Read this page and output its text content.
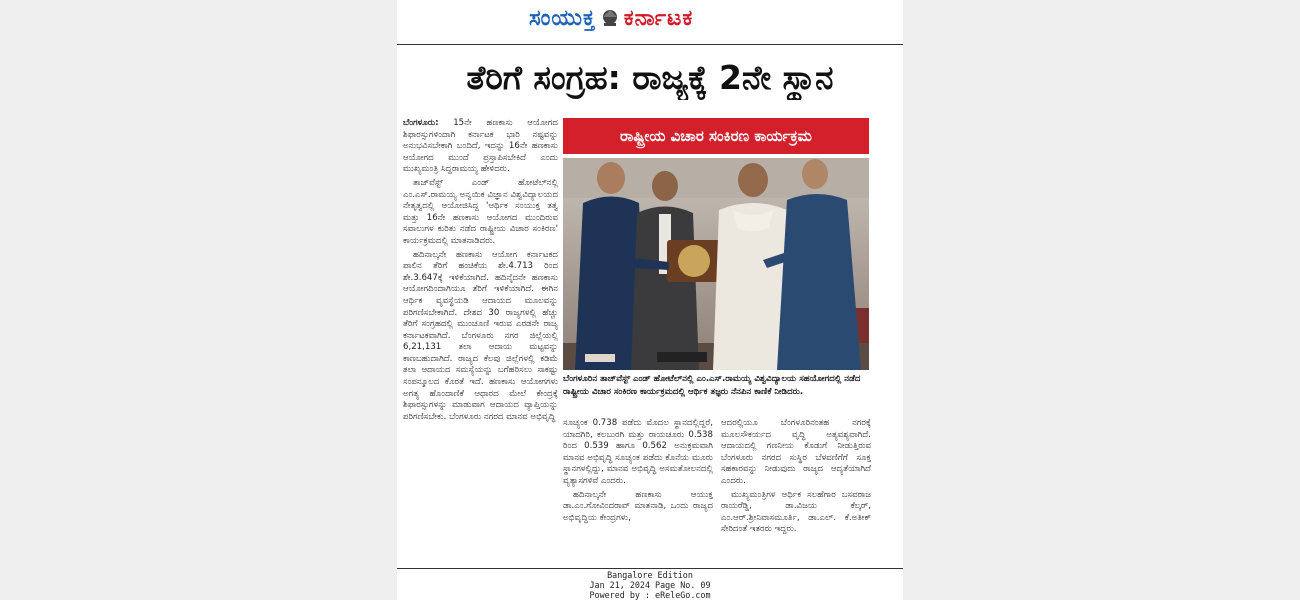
ಸಂಯುಕ್ತ ಕರ್ನಾಟಕ
ತೆರಿಗೆ ಸಂಗ್ರಹ: ರಾಜ್ಯಕ್ಕೆ 2ನೇ ಸ್ಥಾನ

ಬೆಂಗಳೂರು: 15ನೇ ಹಣಕಾಸು ಆಯೋಗದ ಶಿಫಾರಸ್ಸುಗಳಿಂದಾಗಿ ಕರ್ನಾಟಕ ಭಾರಿ ನಷ್ಟವನ್ನು ಅನುಭವಿಸಬೇಕಾಗಿ ಬಂದಿದೆ, ಇದನ್ನು 16ನೇ ಹಣಕಾಸು ಆಯೋಗದ ಮುಂದೆ ಪ್ರಸ್ತಾಪಿಸಬೇಕಿದೆ ಎಂದು ಮುಖ್ಯಮಂತ್ರಿ ಸಿದ್ದರಾಮಯ್ಯ ಹೇಳಿದರು.

ತಾಜ್‌ವೆಸ್ಟ್ ಎಂಡ್ ಹೋಟೆಲ್‌ನಲ್ಲಿ ಎಂ.ಎಸ್.ರಾಮಯ್ಯ ಅನ್ವಯಿಕ ವಿಜ್ಞಾನ ವಿಶ್ವವಿದ್ಯಾಲಯದ ನೇತೃತ್ವದಲ್ಲಿ ಆಯೋಜಿಸಿದ್ದ 'ಆರ್ಥಿಕ ಸಂಯುಕ್ತ ತತ್ವ ಮತ್ತು 16ನೇ ಹಣಕಾಸು ಆಯೋಗದ ಮುಂದಿರುವ ಸವಾಲುಗಳ ಕುರಿತು ನಡೆದ ರಾಷ್ಟ್ರೀಯ ವಿಚಾರ ಸಂಕಿರಣ' ಕಾರ್ಯಕ್ರಮದಲ್ಲಿ ಮಾತನಾಡಿದರು.

ಹದಿನಾಲ್ಕನೇ ಹಣಕಾಸು ಆಯೋಗ ಕರ್ನಾಟಕದ ಪಾಲಿನ ತೆರಿಗೆ ಹಂಚಿಕೆಯ ಶೇ.4.713 ರಿಂದ ಶೇ.3.647ಕ್ಕೆ ಇಳಿಕೆಯಾಗಿದೆ. ಹದಿನೈದನೇ ಹಣಕಾಸು ಆಯೋಗದಿಂದಾಗಿಯೂ ತೆರಿಗೆ ಇಳಿಕೆಯಾಗಿದೆ. ಈಗಿನ ಆರ್ಥಿಕ ವ್ಯವಸ್ಥೆಯಡಿ ಆದಾಯದ ಮೂಲವನ್ನು ಪರಿಗಣಿಸಬೇಕಾಗಿದೆ. ದೇಶದ 30 ರಾಜ್ಯಗಳಲ್ಲಿ ಹೆಚ್ಚು ತೆರಿಗೆ ಸಂಗ್ರಹದಲ್ಲಿ ಮುಂಚೂಣಿ ಇರುವ ಎರಡನೇ ರಾಜ್ಯ ಕರ್ನಾಟಕವಾಗಿದೆ. ಬೆಂಗಳೂರು ನಗರ ಜಿಲ್ಲೆಯಲ್ಲಿ 6,21,131 ತಲಾ ಆದಾಯ ಮಟ್ಟವನ್ನು ಕಾಣಬಹುದಾಗಿದೆ. ರಾಜ್ಯದ ಕೆಲವು ಜಿಲ್ಲೆಗಳಲ್ಲಿ ಕಡಿಮೆ ತಲಾ ಆದಾಯದ ಸಮಸ್ಯೆಯನ್ನು ಬಗೆಹರಿಸಲು ಸಾಕಷ್ಟು ಸಂಪನ್ಮೂಲದ ಕೊರತೆ ಇದೆ. ಹಣಕಾಸು ಆಯೋಗಗಳು ಅಗತ್ಯ ಹೊಂದಾಣಿಕೆ ಆಧಾರದ ಮೇಲೆ ಕೇಂದ್ರಕ್ಕೆ ಶಿಫಾರಸ್ಸುಗಳನ್ನು ಮಾಡುವಾಗ ಆದಾಯದ ವ್ಯಾಪ್ತಿಯನ್ನು ಪರಿಗಣಿಸಬೇಕು. ಬೆಂಗಳೂರು ನಗರದ ಮಾನವ ಅಭಿವೃದ್ಧಿ

ರಾಷ್ಟ್ರೀಯ ವಿಚಾರ ಸಂಕಿರಣ ಕಾರ್ಯಕ್ರಮ
ಬೆಂಗಳೂರಿನ ತಾಜ್‌ವೆಸ್ಟ್ ಎಂಡ್ ಹೋಟೆಲ್‌ನಲ್ಲಿ ಎಂ.ಎಸ್.ರಾಮಯ್ಯ ವಿಶ್ವವಿದ್ಯಾಲಯ ಸಹಯೋಗದಲ್ಲಿ ನಡೆದ ರಾಷ್ಟ್ರೀಯ ವಿಚಾರ ಸಂಕಿರಣ ಕಾರ್ಯಕ್ರಮದಲ್ಲಿ ಆರ್ಥಿಕ ತಜ್ಞರು ನೆನಪಿನ ಕಾಣಿಕೆ ನೀಡಿದರು.

ಸೂಚ್ಯಂಕ 0.738 ಪಡೆದು ಮೊದಲ ಸ್ಥಾನದಲ್ಲಿದ್ದರೆ, ಯಾದಗಿರಿ, ಕಲಬುರಗಿ ಮತ್ತು ರಾಯಚೂರು 0.538 ರಿಂದ 0.539 ಹಾಗೂ 0.562 ಅನುಕ್ರಮವಾಗಿ ಮಾನವ ಅಭಿವೃದ್ಧಿ ಸೂಚ್ಯಂಕ ಪಡೆದು ಕೊನೆಯ ಮೂರು ಸ್ಥಾನಗಳಲ್ಲಿದ್ದು, ಮಾನವ ಅಭಿವೃದ್ಧಿ ಅಸಮತೋಲನದಲ್ಲಿ ವ್ಯತ್ಯಾಸಗಳಿವೆ ಎಂದರು.

ಹದಿನಾಲ್ಕನೇ ಹಣಕಾಸು ಆಯುಕ್ತ ಡಾ.ಎಂ.ಗೋವಿಂದರಾವ್ ಮಾತನಾಡಿ, ಒಂದು ರಾಜ್ಯದ ಅಭಿವೃದ್ಧಿಯ ಕೇಂದ್ರಗಳು,

ಆದರಲ್ಲಿಯೂ ಬೆಂಗಳೂರಿನಂತಹ ನಗರಕ್ಕೆ ಮೂಲಸೌಕರ್ಯದ ವೃದ್ಧಿ ಅತ್ಯವಶ್ಯವಾಗಿದೆ. ಆದಾಯದಲ್ಲಿ ಗಣನೀಯ ಕೊಡುಗೆ ನೀಡುತ್ತಿರುವ ಬೆಂಗಳೂರು ನಗರದ ಸುಸ್ಥಿರ ಬೆಳವಣಿಗೆಗೆ ಸೂಕ್ತ ಸಹಕಾರವನ್ನು ನೀಡುವುದು ರಾಜ್ಯದ ಆದ್ಯತೆಯಾಗಿದೆ ಎಂದರು.

ಮುಖ್ಯಮಂತ್ರಿಗಳ ಆರ್ಥಿಕ ಸಲಹೆಗಾರ ಬಸವರಾಜ ರಾಯರೆಡ್ಡಿ, ಡಾ.ವಿಜಯ ಕೆಲ್ಕರ್, ಎಂ.ಆರ್.ಶ್ರೀನಿವಾಸಮೂರ್ತಿ, ಡಾ.ಎಲ್. ಕೆ.ಅತೀಕ್ ಸೇರಿದಂತೆ ಇತರರು ಇದ್ದರು.

Bangalore Edition
Jan 21, 2024 Page No. 09
Powered by : eReleGo.com
